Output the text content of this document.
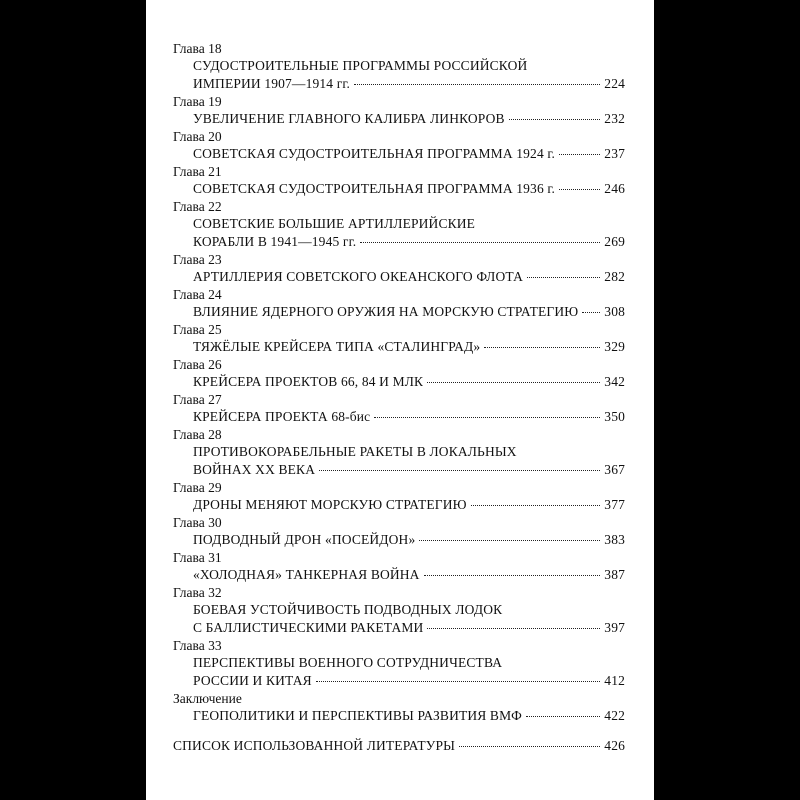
Глава 18
СУДОСТРОИТЕЛЬНЫЕ ПРОГРАММЫ РОССИЙСКОЙ
ИМПЕРИИ 1907—1914 гг.	224
Глава 19
УВЕЛИЧЕНИЕ ГЛАВНОГО КАЛИБРА ЛИНКОРОВ	232
Глава 20
СОВЕТСКАЯ СУДОСТРОИТЕЛЬНАЯ ПРОГРАММА 1924 г.	237
Глава 21
СОВЕТСКАЯ СУДОСТРОИТЕЛЬНАЯ ПРОГРАММА 1936 г.	246
Глава 22
СОВЕТСКИЕ БОЛЬШИЕ АРТИЛЛЕРИЙСКИЕ
КОРАБЛИ В 1941—1945 гг.	269
Глава 23
АРТИЛЛЕРИЯ СОВЕТСКОГО ОКЕАНСКОГО ФЛОТА	282
Глава 24
ВЛИЯНИЕ ЯДЕРНОГО ОРУЖИЯ НА МОРСКУЮ СТРАТЕГИЮ 308
Глава 25
ТЯЖЁЛЫЕ КРЕЙСЕРА ТИПА «СТАЛИНГРАД»	329
Глава 26
КРЕЙСЕРА ПРОЕКТОВ 66, 84 И МЛК	342
Глава 27
КРЕЙСЕРА ПРОЕКТА 68-бис	350
Глава 28
ПРОТИВОКОРАБЕЛЬНЫЕ РАКЕТЫ В ЛОКАЛЬНЫХ
ВОЙНАХ XX ВЕКА	367
Глава 29
ДРОНЫ МЕНЯЮТ МОРСКУЮ СТРАТЕГИЮ	377
Глава 30
ПОДВОДНЫЙ ДРОН «ПОСЕЙДОН»	383
Глава 31
«ХОЛОДНАЯ» ТАНКЕРНАЯ ВОЙНА	387
Глава 32
БОЕВАЯ УСТОЙЧИВОСТЬ ПОДВОДНЫХ ЛОДОК
С БАЛЛИСТИЧЕСКИМИ РАКЕТАМИ	397
Глава 33
ПЕРСПЕКТИВЫ ВОЕННОГО СОТРУДНИЧЕСТВА
РОССИИ И КИТАЯ	412
Заключение
ГЕОПОЛИТИКИ И ПЕРСПЕКТИВЫ РАЗВИТИЯ ВМФ	422
СПИСОК ИСПОЛЬЗОВАННОЙ ЛИТЕРАТУРЫ	426
